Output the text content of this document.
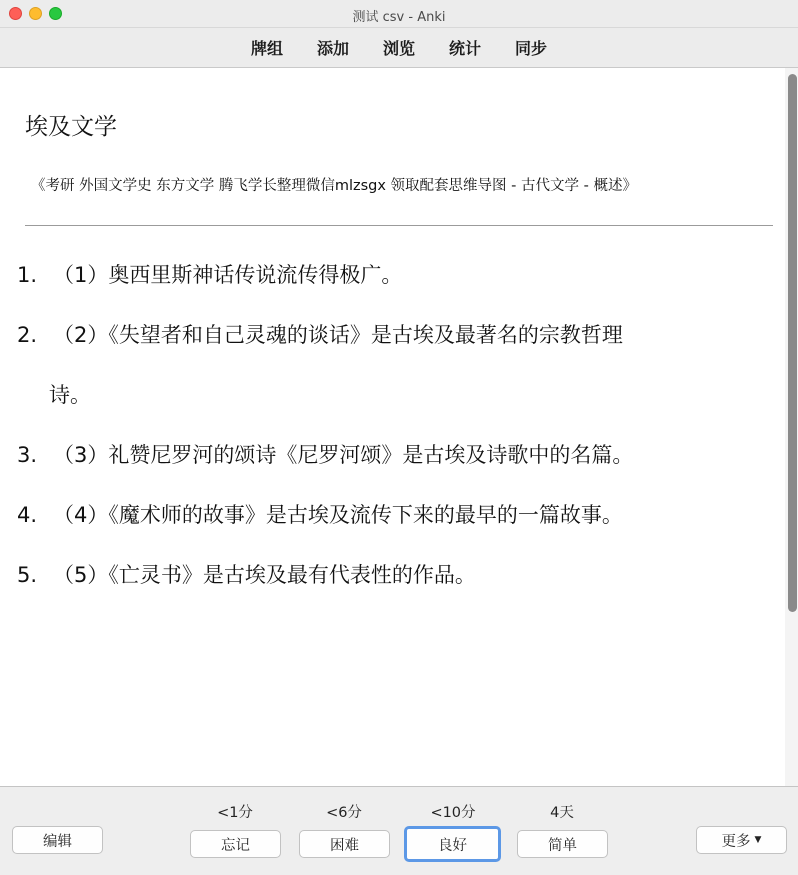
测试 csv - Anki
牌组	添加	浏览	统计	同步
埃及文学
《考研 外国文学史 东方文学 腾飞学长整理微信mlzsgx 领取配套思维导图 - 古代文学 - 概述》
1. （1）奥西里斯神话传说流传得极广。
2. （2）《失望者和自己灵魂的谈话》是古埃及最著名的宗教哲理
诗。
3. （3）礼赞尼罗河的颂诗《尼罗河颂》是古埃及诗歌中的名篇。
4. （4）《魔术师的故事》是古埃及流传下来的最早的一篇故事。
5. （5）《亡灵书》是古埃及最有代表性的作品。
编辑
<1分	<6分	<10分	4天
忘记	困难	良好	简单	更多 ▼
